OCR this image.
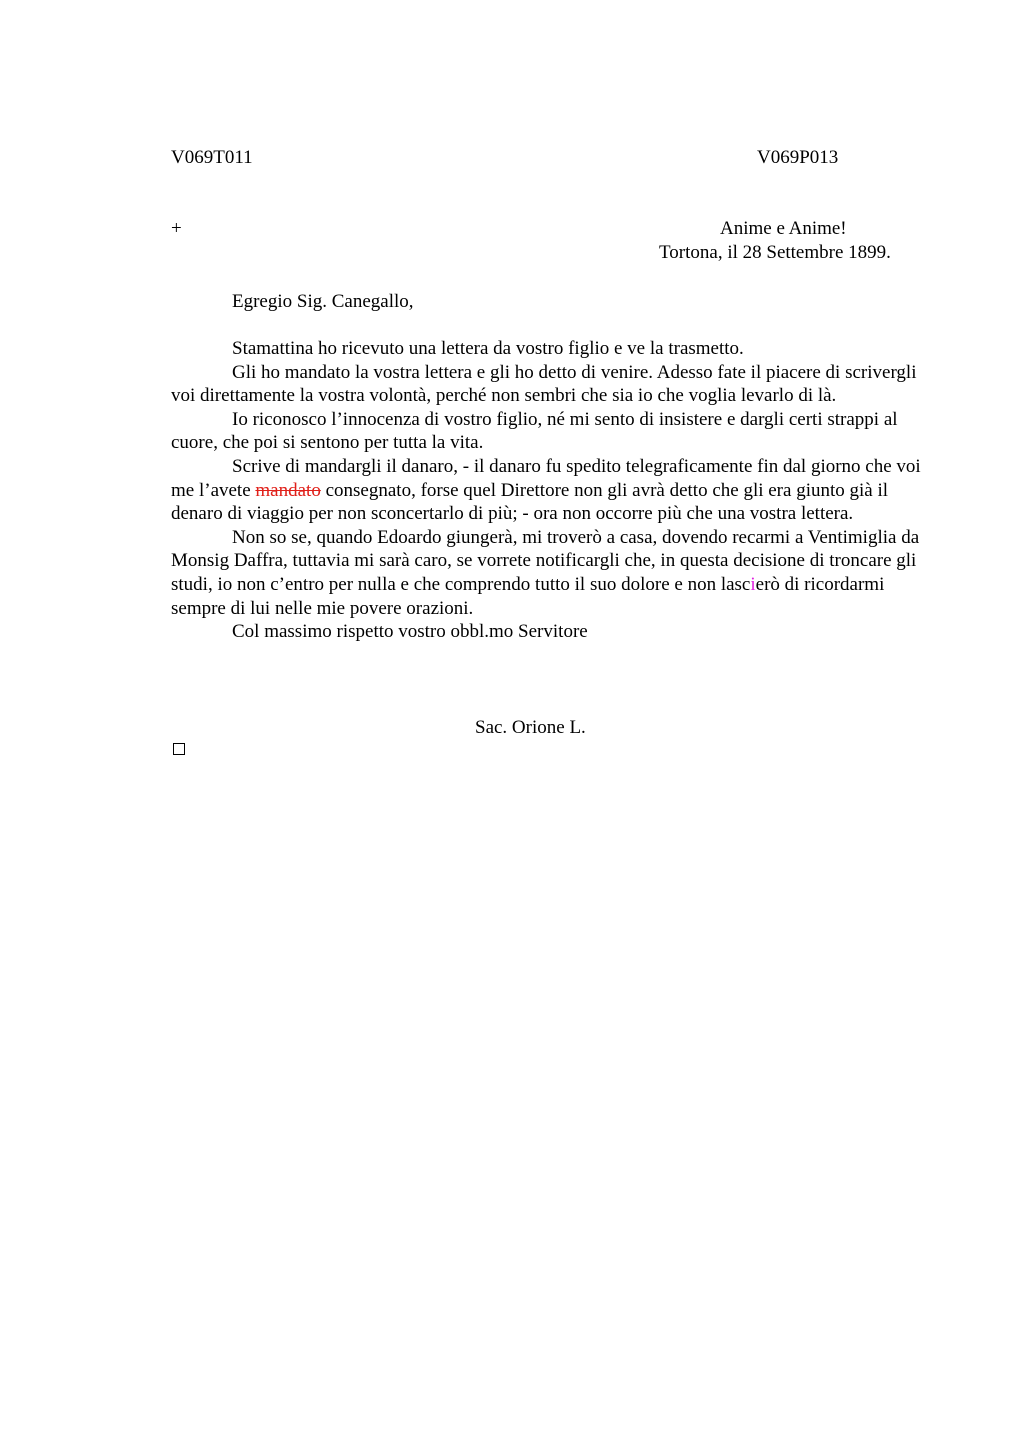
V069T011	V069P013
+	Anime e Anime!
Tortona, il 28 Settembre 1899.
Egregio Sig. Canegallo,

Stamattina ho ricevuto una lettera da vostro figlio e ve la trasmetto.

Gli ho mandato la vostra lettera e gli ho detto di venire. Adesso fate il piacere di scrivergli voi direttamente la vostra volontà, perché non sembri che sia io che voglia levarlo di là.

Io riconosco l’innocenza di vostro figlio, né mi sento di insistere e dargli certi strappi al cuore, che poi si sentono per tutta la vita.

Scrive di mandargli il danaro, - il danaro fu spedito telegraficamente fin dal giorno che voi me l’avete mandato consegnato, forse quel Direttore non gli avrà detto che gli era giunto già il denaro di viaggio per non sconcertarlo di più; - ora non occorre più che una vostra lettera.

Non so se, quando Edoardo giungerà, mi troverò a casa, dovendo recarmi a Ventimiglia da Monsig Daffra, tuttavia mi sarà caro, se vorrete notificargli che, in questa decisione di troncare gli studi, io non c’entro per nulla e che comprendo tutto il suo dolore e non lascierò di ricordarmi sempre di lui nelle mie povere orazioni.

Col massimo rispetto vostro obbl.mo Servitore

Sac. Orione L.
